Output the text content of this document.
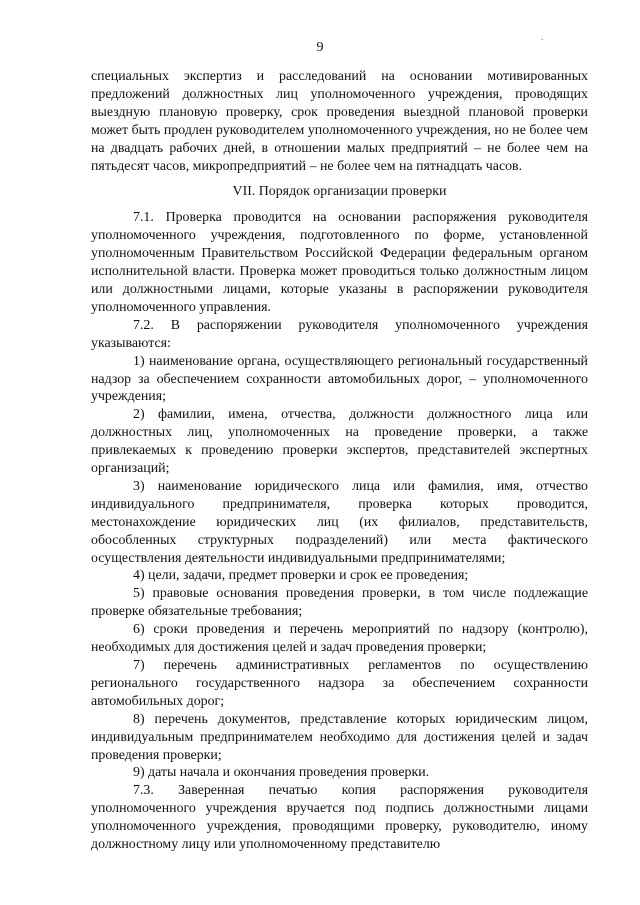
9
.

специальных экспертиз и расследований на основании мотивированных предложений должностных лиц уполномоченного учреждения, проводящих выездную плановую проверку, срок проведения выездной плановой проверки может быть продлен руководителем уполномоченного учреждения, но не более чем на двадцать рабочих дней, в отношении малых предприятий – не более чем на пятьдесят часов, микропредприятий – не более чем на пятнадцать часов.

VII. Порядок организации проверки

7.1. Проверка проводится на основании распоряжения руководителя уполномоченного учреждения, подготовленного по форме, установленной уполномоченным Правительством Российской Федерации федеральным органом исполнительной власти. Проверка может проводиться только должностным лицом или должностными лицами, которые указаны в распоряжении руководителя уполномоченного управления.

7.2. В распоряжении руководителя уполномоченного учреждения указываются:

1) наименование органа, осуществляющего региональный государственный надзор за обеспечением сохранности автомобильных дорог, – уполномоченного учреждения;

2) фамилии, имена, отчества, должности должностного лица или должностных лиц, уполномоченных на проведение проверки, а также привлекаемых к проведению проверки экспертов, представителей экспертных организаций;

3) наименование юридического лица или фамилия, имя, отчество индивидуального предпринимателя, проверка которых проводится, местонахождение юридических лиц (их филиалов, представительств, обособленных структурных подразделений) или места фактического осуществления деятельности индивидуальными предпринимателями;

4) цели, задачи, предмет проверки и срок ее проведения;

5) правовые основания проведения проверки, в том числе подлежащие проверке обязательные требования;

6) сроки проведения и перечень мероприятий по надзору (контролю), необходимых для достижения целей и задач проведения проверки;

7) перечень административных регламентов по осуществлению регионального государственного надзора за обеспечением сохранности автомобильных дорог;

8) перечень документов, представление которых юридическим лицом, индивидуальным предпринимателем необходимо для достижения целей и задач проведения проверки;

9) даты начала и окончания проведения проверки.

7.3. Заверенная печатью копия распоряжения руководителя уполномоченного учреждения вручается под подпись должностными лицами уполномоченного учреждения, проводящими проверку, руководителю, иному должностному лицу или уполномоченному представителю
